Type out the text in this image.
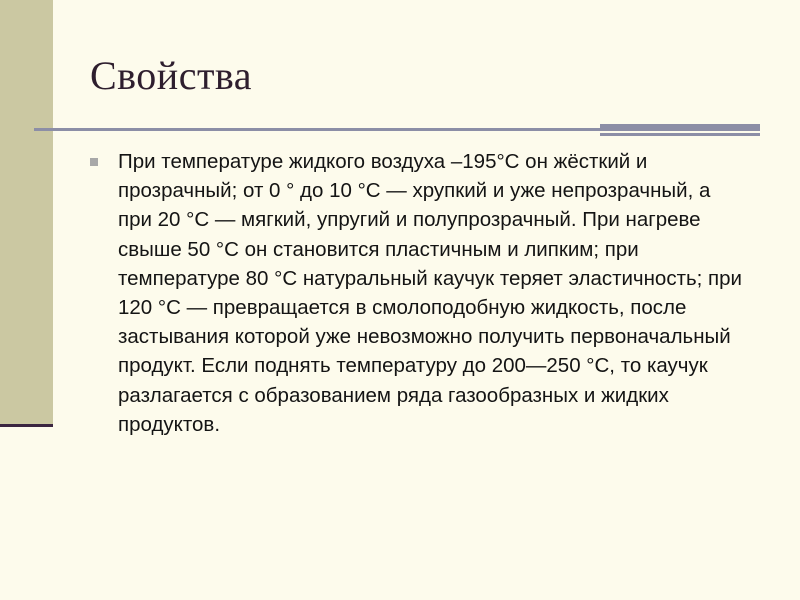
Свойства
При температуре жидкого воздуха –195°С он жёсткий и прозрачный; от 0 ° до 10 °С — хрупкий и уже непрозрачный, а при 20 °С — мягкий, упругий и полупрозрачный. При нагреве свыше 50 °С он становится пластичным и липким; при температуре 80 °С натуральный каучук теряет эластичность; при 120 °С — превращается в смолоподобную жидкость, после застывания которой уже невозможно получить первоначальный продукт. Если поднять температуру до 200—250 °С, то каучук разлагается с образованием ряда газообразных и жидких продуктов.
